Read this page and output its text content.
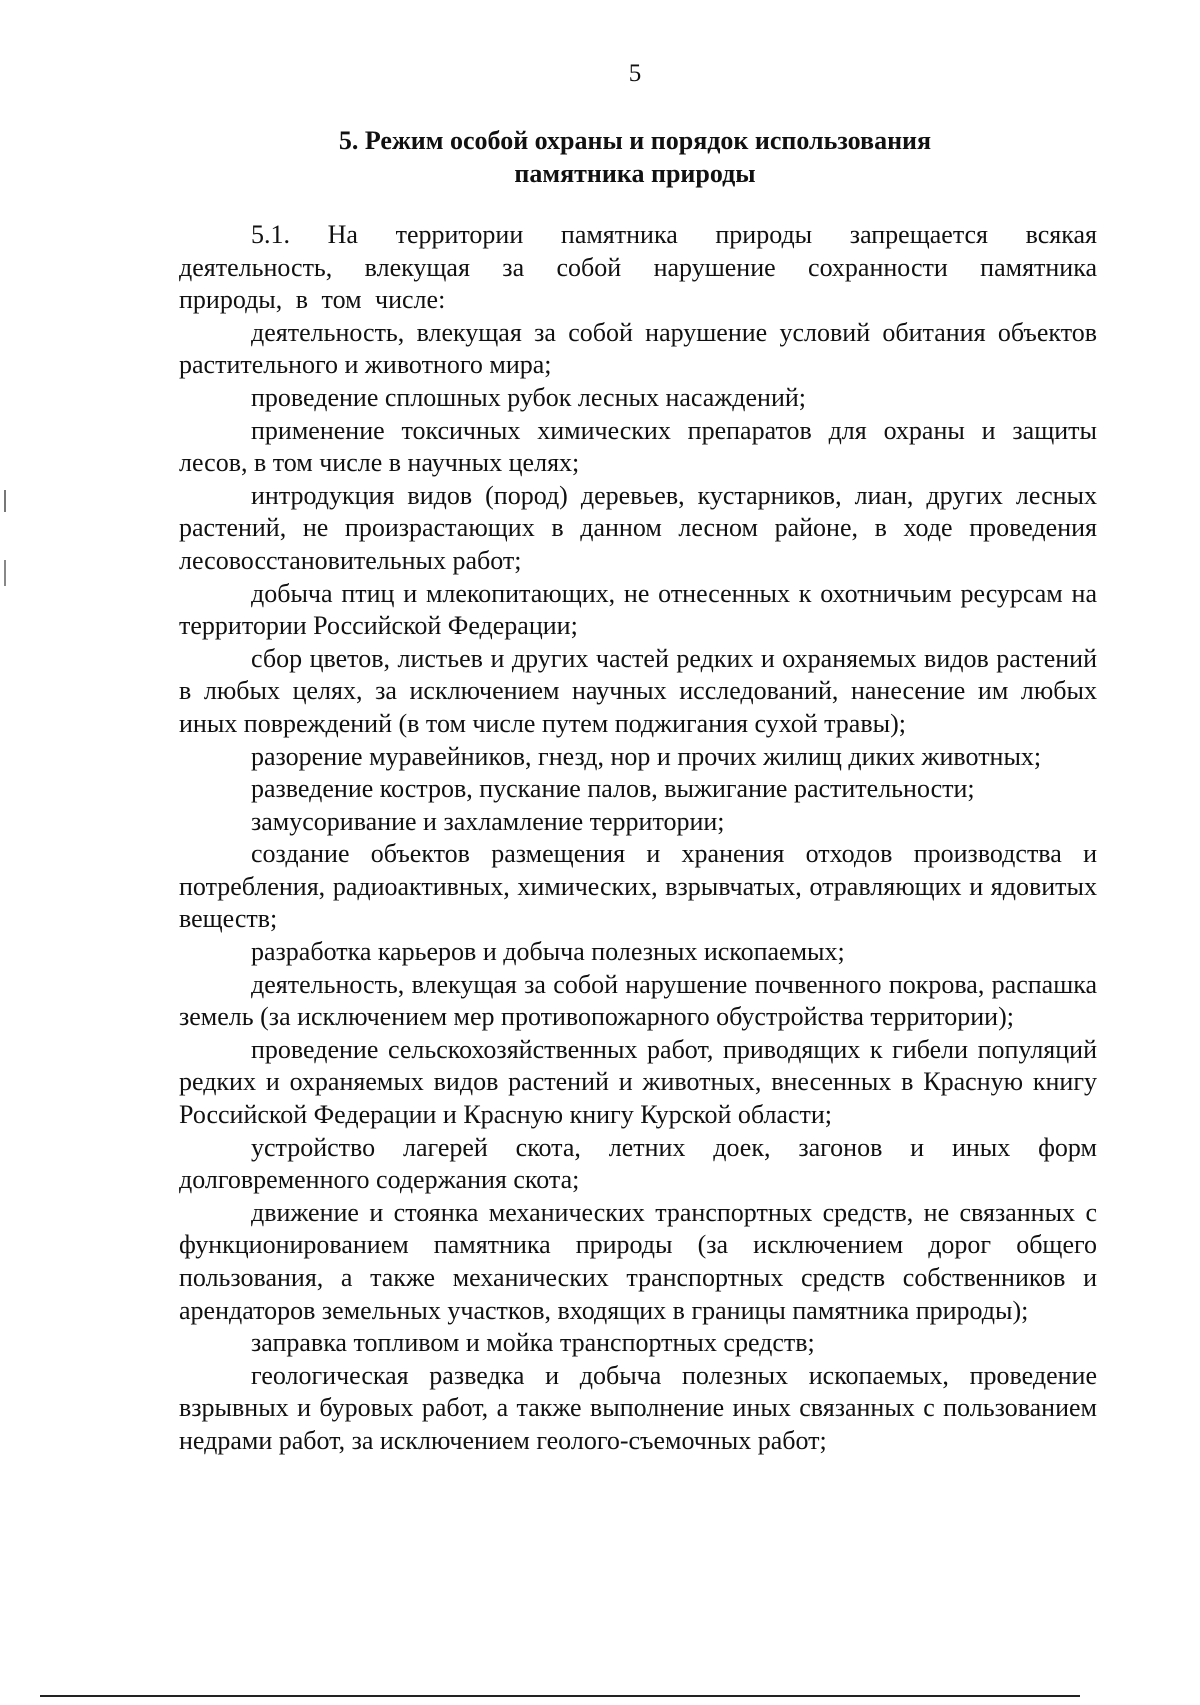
5
5. Режим особой охраны и порядок использования
памятника природы

5.1. На территории памятника природы запрещается всякая деятельность, влекущая за собой нарушение сохранности памятника природы, в том числе:

деятельность, влекущая за собой нарушение условий обитания объектов растительного и животного мира;

проведение сплошных рубок лесных насаждений;

применение токсичных химических препаратов для охраны и защиты лесов, в том числе в научных целях;

интродукция видов (пород) деревьев, кустарников, лиан, других лесных растений, не произрастающих в данном лесном районе, в ходе проведения лесовосстановительных работ;

добыча птиц и млекопитающих, не отнесенных к охотничьим ресурсам на территории Российской Федерации;

сбор цветов, листьев и других частей редких и охраняемых видов растений в любых целях, за исключением научных исследований, нанесение им любых иных повреждений (в том числе путем поджигания сухой травы);

разорение муравейников, гнезд, нор и прочих жилищ диких животных;

разведение костров, пускание палов, выжигание растительности;

замусоривание и захламление территории;

создание объектов размещения и хранения отходов производства и потребления, радиоактивных, химических, взрывчатых, отравляющих и ядовитых веществ;

разработка карьеров и добыча полезных ископаемых;

деятельность, влекущая за собой нарушение почвенного покрова, распашка земель (за исключением мер противопожарного обустройства территории);

проведение сельскохозяйственных работ, приводящих к гибели популяций редких и охраняемых видов растений и животных, внесенных в Красную книгу Российской Федерации и Красную книгу Курской области;

устройство лагерей скота, летних доек, загонов и иных форм долговременного содержания скота;

движение и стоянка механических транспортных средств, не связанных с функционированием памятника природы (за исключением дорог общего пользования, а также механических транспортных средств собственников и арендаторов земельных участков, входящих в границы памятника природы);

заправка топливом и мойка транспортных средств;

геологическая разведка и добыча полезных ископаемых, проведение взрывных и буровых работ, а также выполнение иных связанных с пользованием недрами работ, за исключением геолого-съемочных работ;
